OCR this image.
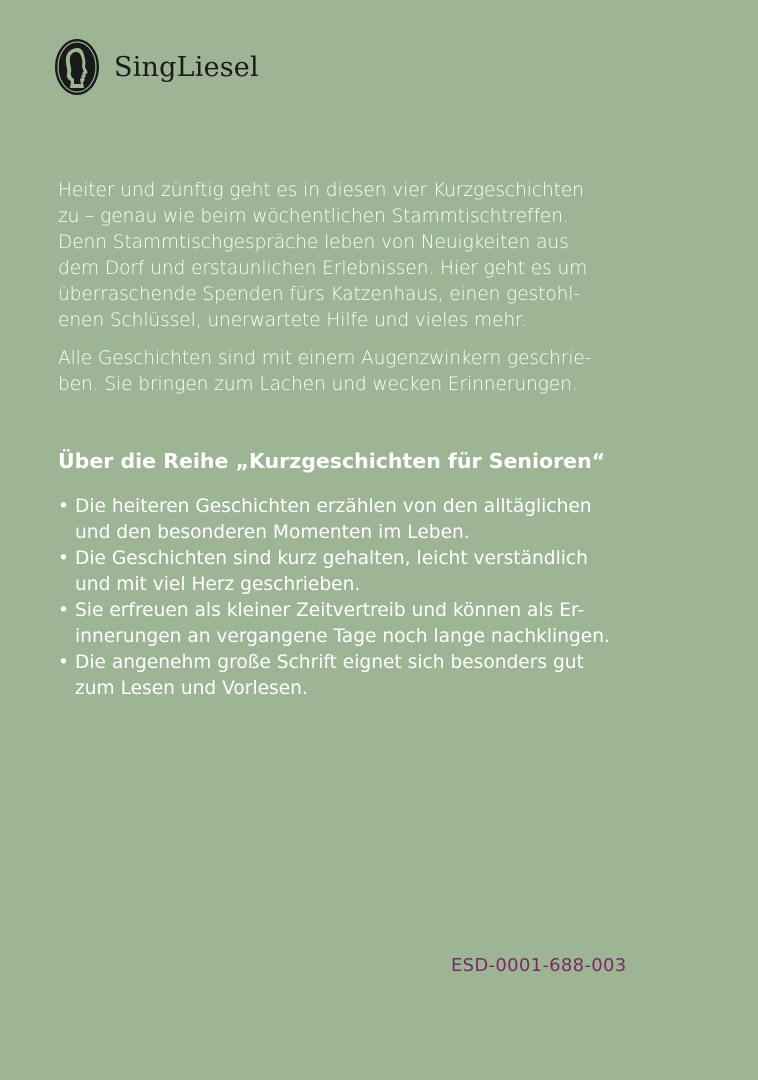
SingLiesel

Heiter und zünftig geht es in diesen vier Kurzgeschichten
zu – genau wie beim wöchentlichen Stammtischtreffen.
Denn Stammtischgespräche leben von Neuigkeiten aus
dem Dorf und erstaunlichen Erlebnissen. Hier geht es um
überraschende Spenden fürs Katzenhaus, einen gestohl-
enen Schlüssel, unerwartete Hilfe und vieles mehr.

Alle Geschichten sind mit einem Augenzwinkern geschrie-
ben. Sie bringen zum Lachen und wecken Erinnerungen.

Über die Reihe „Kurzgeschichten für Senioren“
• Die heiteren Geschichten erzählen von den alltäglichen
und den besonderen Momenten im Leben.
• Die Geschichten sind kurz gehalten, leicht verständlich
und mit viel Herz geschrieben.
• Sie erfreuen als kleiner Zeitvertreib und können als Er-
innerungen an vergangene Tage noch lange nachklingen.
• Die angenehm große Schrift eignet sich besonders gut
zum Lesen und Vorlesen.
ESD-0001-688-003
